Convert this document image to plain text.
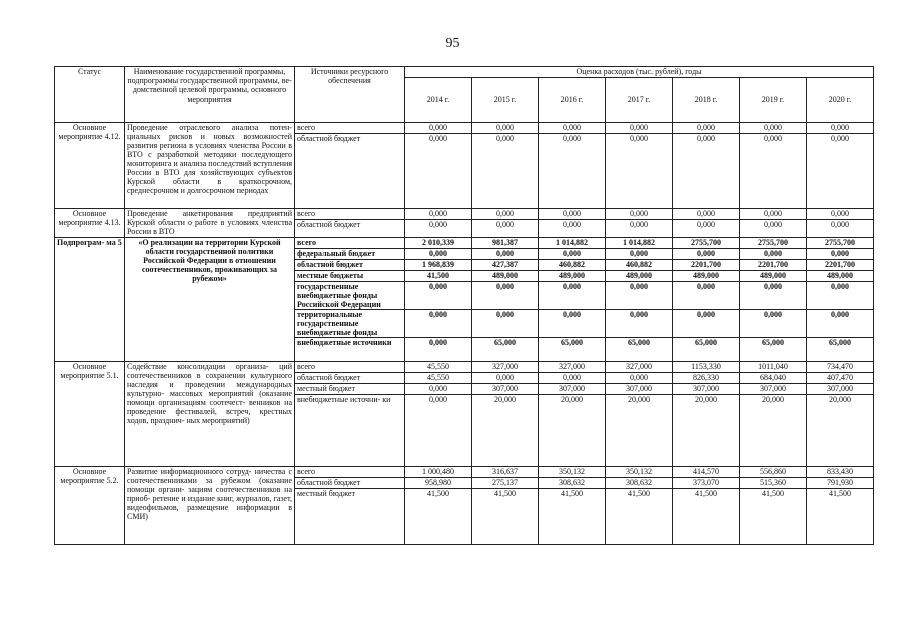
95
Статус	Наименование государственной программы, подпрограммы государственной программы, ве- домственной целевой программы, основного мероприятия	Источники ресурсного обеспечения	Оценка расходов (тыс. рублей), годы						
			2014 г.	2015 г.	2016 г.	2017 г.	2018 г.	2019 г.	2020 г.
Основное мероприятие 4.12.	Проведение отраслевого анализа потен- циальных рисков и новых возможностей развития региона в условиях членства России в ВТО с разработкой методики последующего мониторинга и анализа последствий вступления России в ВТО для хозяйствующих субъектов Курской области в краткосрочном, среднесрочном и долгосрочном периодах	всего	0,000	0,000	0,000	0,000	0,000	0,000	0,000
		областной бюджет	0,000	0,000	0,000	0,000	0,000	0,000	0,000
Основное мероприятие 4.13.	Проведение анкетирования предприятий Курской области о работе в условиях членства России в ВТО	всего	0,000	0,000	0,000	0,000	0,000	0,000	0,000
		областной бюджет	0,000	0,000	0,000	0,000	0,000	0,000	0,000
Подпрограм- ма 5	«О реализации на территории Курской области государственной политики Российской Федерации в отношении соотечественников, проживающих за рубежом»	всего	2 010,339	981,387	1 014,882	1 014,882	2755,700	2755,700	2755,700
		федеральный бюджет	0,000	0,000	0,000	0,000	0,000	0,000	0,000
		областной бюджет	1 968,839	427,387	460,882	460,882	2201,700	2201,700	2201,700
		местные бюджеты	41,500	489,000	489,000	489,000	489,000	489,000	489,000
		государственные внебюджетные фонды Российской Федерации	0,000	0,000	0,000	0,000	0,000	0,000	0,000
		территориальные государственные внебюджетные фонды	0,000	0,000	0,000	0,000	0,000	0,000	0,000
		внебюджетные источники	0,000	65,000	65,000	65,000	65,000	65,000	65,000
Основное мероприятие 5.1.	Содействие консолидации организа- ций соотечественников в сохранении культурного наследия и проведении международных культурно- массовых мероприятий (оказание помощи организациям соотечест- венников на проведение фестивалей, встреч, крестных ходов, празднич- ных мероприятий)	всего	45,550	327,000	327,000	327,000	1153,330	1011,040	734,470
		областной бюджет	45,550	0,000	0,000	0,000	826,330	684,040	407,470
		местный бюджет	0,000	307,000	307,000	307,000	307,000	307,000	307,000
		внебюджетные источни- ки	0,000	20,000	20,000	20,000	20,000	20,000	20,000
Основное мероприятие 5.2.	Развитие информационного сотруд- ничества с соотечественниками за рубежом (оказание помощи органи- зациям соотечественников на приоб- ретение и издание книг, журналов, газет, видеофильмов, размещение информации в СМИ)	всего	1 000,480	316,637	350,132	350,132	414,570	556,860	833,430
		областной бюджет	958,980	275,137	308,632	308,632	373,070	515,360	791,930
		местный бюджет	41,500	41,500	41,500	41,500	41,500	41,500	41,500
